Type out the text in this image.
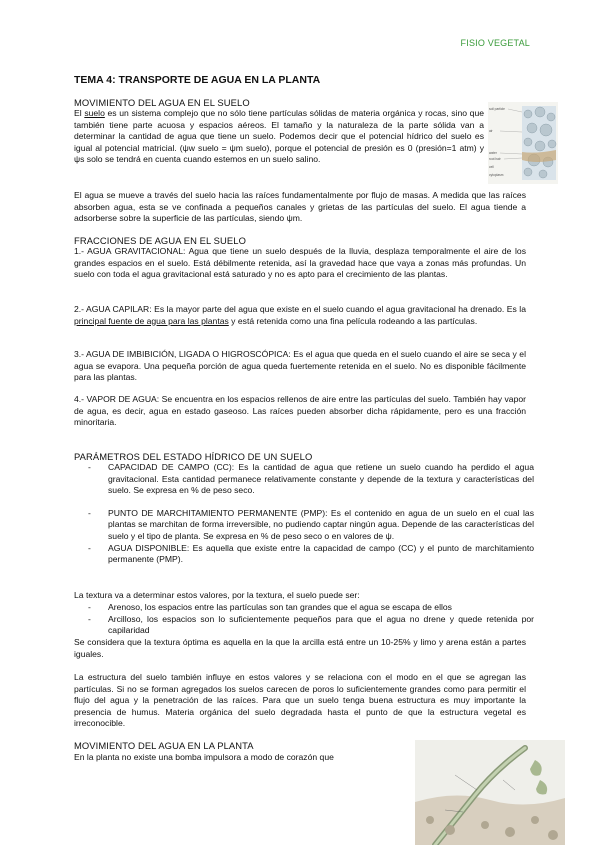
FISIO VEGETAL
TEMA 4: TRANSPORTE DE AGUA EN LA PLANTA
MOVIMIENTO DEL AGUA EN EL SUELO
El suelo es un sistema complejo que no sólo tiene partículas sólidas de materia orgánica y rocas, sino que también tiene parte acuosa y espacios aéreos. El tamaño y la naturaleza de la parte sólida van a determinar la cantidad de agua que tiene un suelo. Podemos decir que el potencial hídrico del suelo es igual al potencial matricial. (ψw suelo = ψm suelo), porque el potencial de presión es 0 (presión=1 atm) y ψs solo se tendrá en cuenta cuando estemos en un suelo salino.
soil particle
air
water
root hair
cell
cytoplasm
El agua se mueve a través del suelo hacia las raíces fundamentalmente por flujo de masas. A medida que las raíces absorben agua, esta se ve confinada a pequeños canales y grietas de las partículas del suelo. El agua tiende a adsorberse sobre la superficie de las partículas, siendo ψm.
FRACCIONES DE AGUA EN EL SUELO
1.- AGUA GRAVITACIONAL: Agua que tiene un suelo después de la lluvia, desplaza temporalmente el aire de los grandes espacios en el suelo. Está débilmente retenida, así la gravedad hace que vaya a zonas más profundas. Un suelo con toda el agua gravitacional está saturado y no es apto para el crecimiento de las plantas.
2.- AGUA CAPILAR: Es la mayor parte del agua que existe en el suelo cuando el agua gravitacional ha drenado. Es la principal fuente de agua para las plantas y está retenida como una fina película rodeando a las partículas.
3.- AGUA DE IMBIBICIÓN, LIGADA O HIGROSCÓPICA: Es el agua que queda en el suelo cuando el aire se seca y el agua se evapora. Una pequeña porción de agua queda fuertemente retenida en el suelo. No es disponible fácilmente para las plantas.
4.- VAPOR DE AGUA: Se encuentra en los espacios rellenos de aire entre las partículas del suelo. También hay vapor de agua, es decir, agua en estado gaseoso. Las raíces pueden absorber dicha rápidamente, pero es una fracción minoritaria.
PARÁMETROS DEL ESTADO HÍDRICO DE UN SUELO
- CAPACIDAD DE CAMPO (CC): Es la cantidad de agua que retiene un suelo cuando ha perdido el agua gravitacional. Esta cantidad permanece relativamente constante y depende de la textura y características del suelo. Se expresa en % de peso seco.
- PUNTO DE MARCHITAMIENTO PERMANENTE (PMP): Es el contenido en agua de un suelo en el cual las plantas se marchitan de forma irreversible, no pudiendo captar ningún agua. Depende de las características del suelo y el tipo de planta. Se expresa en % de peso seco o en valores de ψ.
- AGUA DISPONIBLE: Es aquella que existe entre la capacidad de campo (CC) y el punto de marchitamiento permanente (PMP).
La textura va a determinar estos valores, por la textura, el suelo puede ser:
- Arenoso, los espacios entre las partículas son tan grandes que el agua se escapa de ellos
- Arcilloso, los espacios son lo suficientemente pequeños para que el agua no drene y quede retenida por capilaridad
Se considera que la textura óptima es aquella en la que la arcilla está entre un 10-25% y limo y arena están a partes iguales.
La estructura del suelo también influye en estos valores y se relaciona con el modo en el que se agregan las partículas. Si no se forman agregados los suelos carecen de poros lo suficientemente grandes como para permitir el flujo del agua y la penetración de las raíces. Para que un suelo tenga buena estructura es muy importante la presencia de humus. Materia orgánica del suelo degradada hasta el punto de que la estructura vegetal es irreconocible.
MOVIMIENTO DEL AGUA EN LA PLANTA
En la planta no existe una bomba impulsora a modo de corazón que
